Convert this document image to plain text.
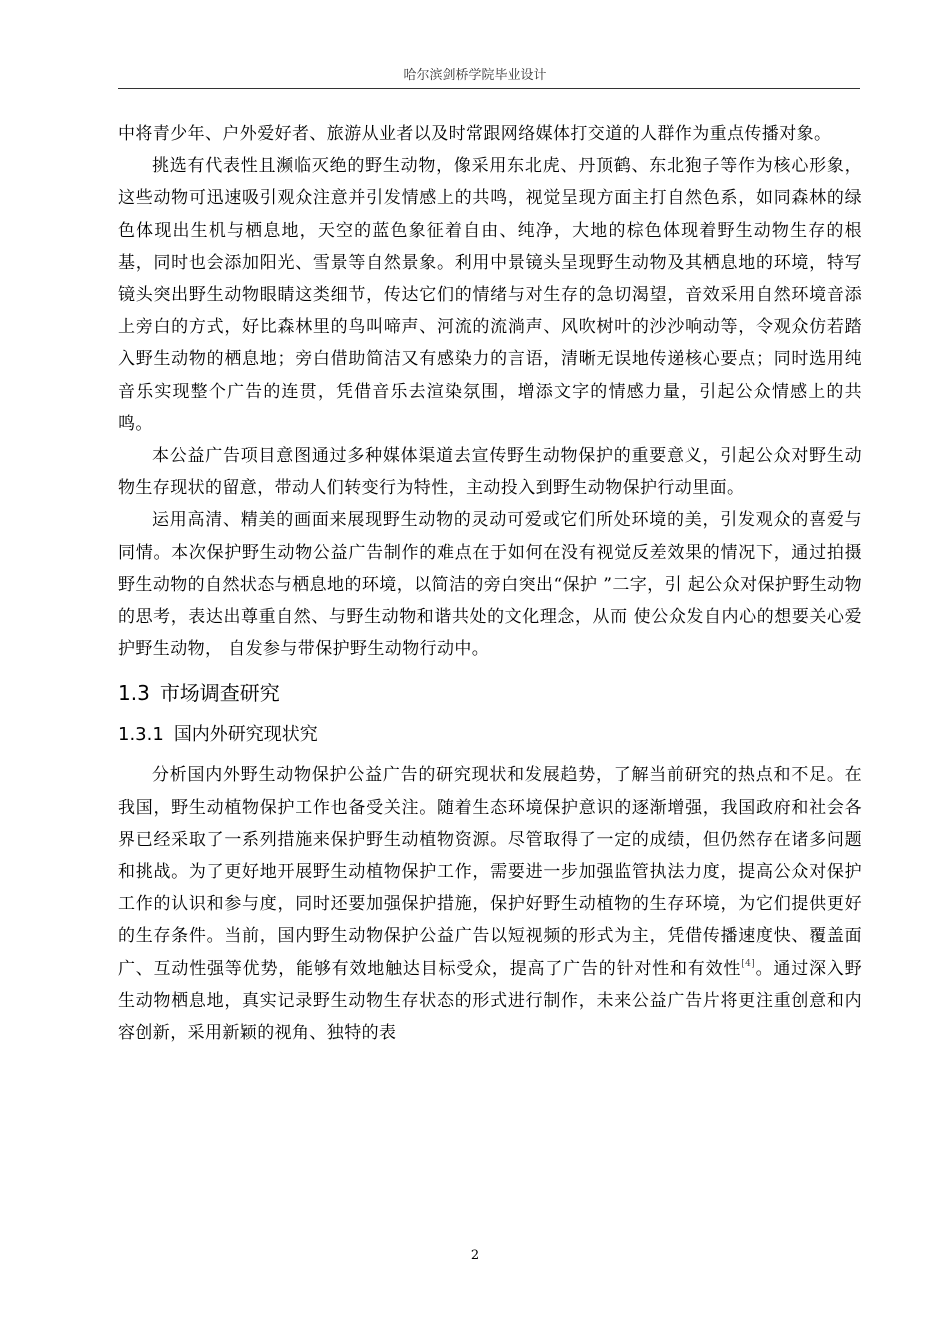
哈尔滨剑桥学院毕业设计

中将青少年、户外爱好者、旅游从业者以及时常跟网络媒体打交道的人群作为重点传播对象。

挑选有代表性且濒临灭绝的野生动物，像采用东北虎、丹顶鹤、东北狍子等作为核心形象，这些动物可迅速吸引观众注意并引发情感上的共鸣，视觉呈现方面主打自然色系，如同森林的绿色体现出生机与栖息地，天空的蓝色象征着自由、纯净，大地的棕色体现着野生动物生存的根基，同时也会添加阳光、雪景等自然景象。利用中景镜头呈现野生动物及其栖息地的环境，特写镜头突出野生动物眼睛这类细节，传达它们的情绪与对生存的急切渴望，音效采用自然环境音添上旁白的方式，好比森林里的鸟叫啼声、河流的流淌声、风吹树叶的沙沙响动等，令观众仿若踏入野生动物的栖息地；旁白借助简洁又有感染力的言语，清晰无误地传递核心要点；同时选用纯音乐实现整个广告的连贯，凭借音乐去渲染氛围，增添文字的情感力量，引起公众情感上的共鸣。

本公益广告项目意图通过多种媒体渠道去宣传野生动物保护的重要意义，引起公众对野生动物生存现状的留意，带动人们转变行为特性，主动投入到野生动物保护行动里面。

运用高清、精美的画面来展现野生动物的灵动可爱或它们所处环境的美，引发观众的喜爱与同情。本次保护野生动物公益广告制作的难点在于如何在没有视觉反差效果的情况下，通过拍摄野生动物的自然状态与栖息地的环境，以简洁的旁白突出“保护 ”二字，引 起公众对保护野生动物的思考，表达出尊重自然、与野生动物和谐共处的文化理念，从而 使公众发自内心的想要关心爱护野生动物， 自发参与带保护野生动物行动中。

1.3 市场调查研究
1.3.1 国内外研究现状究

分析国内外野生动物保护公益广告的研究现状和发展趋势，了解当前研究的热点和不足。在我国，野生动植物保护工作也备受关注。随着生态环境保护意识的逐渐增强，我国政府和社会各界已经采取了一系列措施来保护野生动植物资源。尽管取得了一定的成绩，但仍然存在诸多问题和挑战。为了更好地开展野生动植物保护工作，需要进一步加强监管执法力度，提高公众对保护工作的认识和参与度，同时还要加强保护措施，保护好野生动植物的生存环境，为它们提供更好的生存条件。当前，国内野生动物保护公益广告以短视频的形式为主，凭借传播速度快、覆盖面广、互动性强等优势，能够有效地触达目标受众，提高了广告的针对性和有效性[4]。通过深入野生动物栖息地，真实记录野生动物生存状态的形式进行制作，未来公益广告片将更注重创意和内容创新，采用新颖的视角、独特的表

2
